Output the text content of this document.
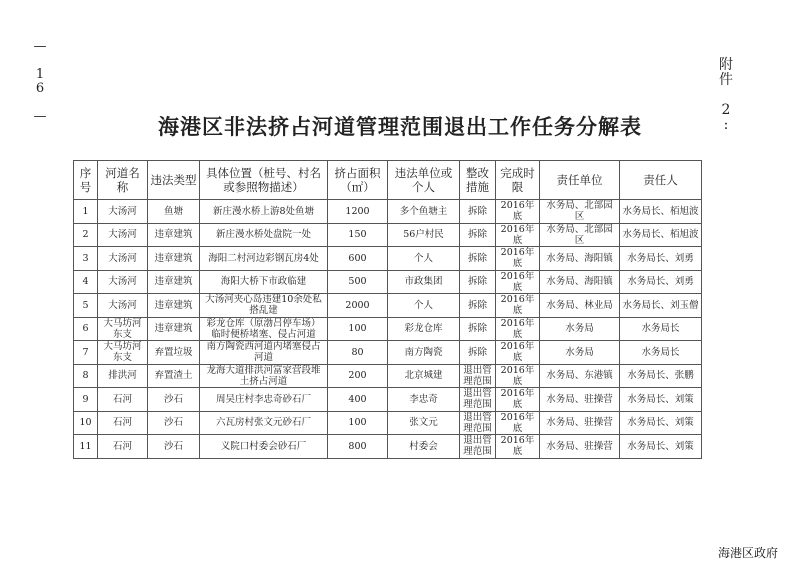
—

1
6

—
附
件

2
:
海港区非法挤占河道管理范围退出工作任务分解表
序号	河道名称	违法类型	具体位置（桩号、村名或参照物描述）	挤占面积（㎡）	违法单位或个人	整改措施	完成时限	责任单位	责任人
1	大汤河	鱼塘	新庄漫水桥上游8处鱼塘	1200	多个鱼塘主	拆除	2016年底	水务局、北部园区	水务局长、栢旭波
2	大汤河	违章建筑	新庄漫水桥处盘院一处	150	56户村民	拆除	2016年底	水务局、北部园区	水务局长、栢旭波
3	大汤河	违章建筑	海阳二村河边彩钢瓦房4处	600	个人	拆除	2016年底	水务局、海阳镇	水务局长、刘勇
4	大汤河	违章建筑	海阳大桥下市政临建	500	市政集团	拆除	2016年底	水务局、海阳镇	水务局长、刘勇
5	大汤河	违章建筑	大汤河夹心岛违建10余处私搭乱建	2000	个人	拆除	2016年底	水务局、林业局	水务局长、刘玉僧
6	大马坊河东支	违章建筑	彩龙仓库（原渤吕停车场）临时便桥堵塞、侵占河道	100	彩龙仓库	拆除	2016年底	水务局	水务局长
7	大马坊河东支	弃置垃圾	南方陶瓷西河道内堵塞侵占河道	80	南方陶瓷	拆除	2016年底	水务局	水务局长
8	排洪河	弃置渣土	龙海大道排洪河富家营段堆土挤占河道	200	北京城建	退出管理范围	2016年底	水务局、东港镇	水务局长、张鹏
9	石河	沙石	周吴庄村李忠奇砂石厂	400	李忠奇	退出管理范围	2016年底	水务局、驻操营	水务局长、刘策
10	石河	沙石	六瓦房村张文元砂石厂	100	张文元	退出管理范围	2016年底	水务局、驻操营	水务局长、刘策
11	石河	沙石	义院口村委会砂石厂	800	村委会	退出管理范围	2016年底	水务局、驻操营	水务局长、刘策
海港区政府
